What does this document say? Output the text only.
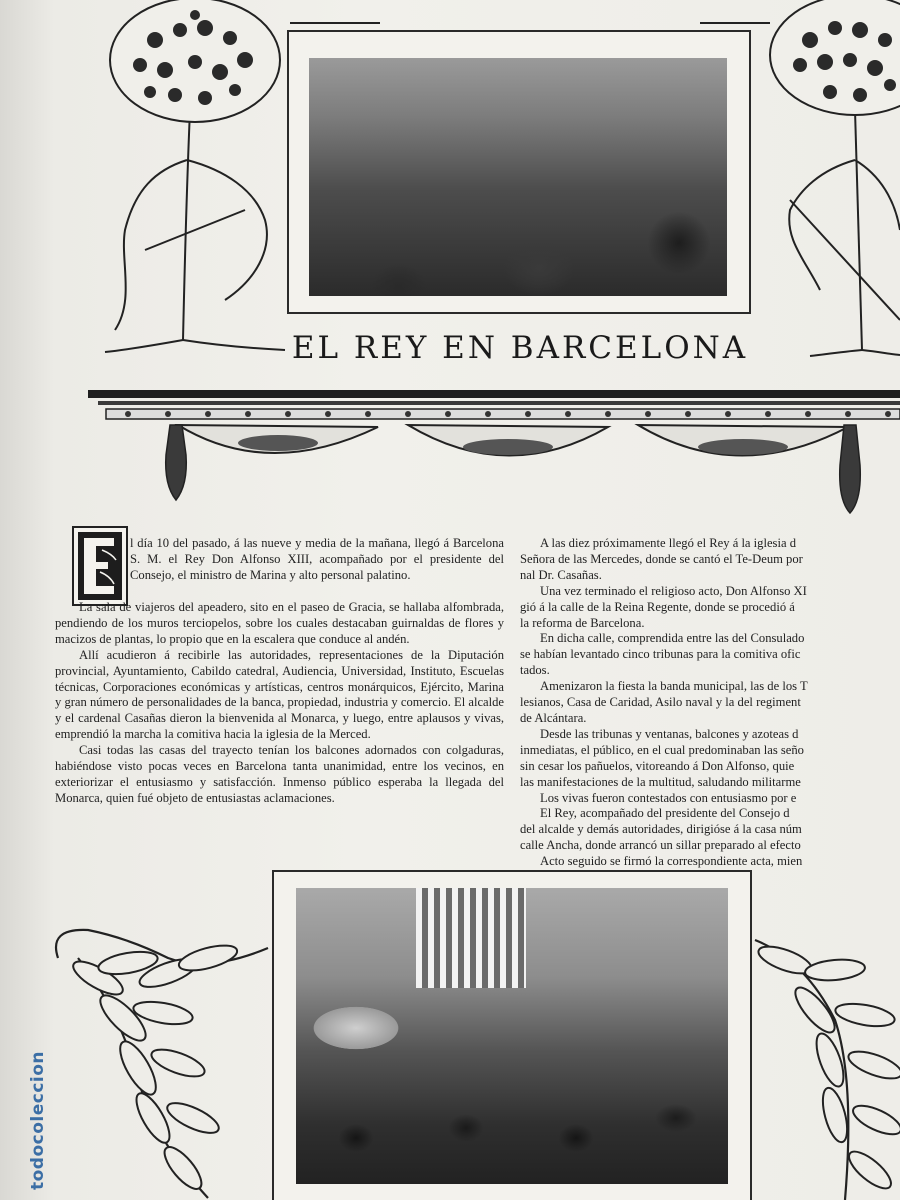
EL REY EN BARCELONA

l día 10 del pasado, á las nueve y media de la mañana, llegó á Barcelona S. M. el Rey Don Alfonso XIII, acompañado por el presidente del Consejo, el ministro de Marina y alto personal palatino.

La sala de viajeros del apeadero, sito en el paseo de Gracia, se hallaba alfombrada, pendiendo de los muros terciopelos, sobre los cuales destacaban guirnaldas de flores y macizos de plantas, lo propio que en la escalera que conduce al andén.

Allí acudieron á recibirle las autoridades, representaciones de la Diputación provincial, Ayuntamiento, Cabildo catedral, Audiencia, Universidad, Instituto, Escuelas técnicas, Corporaciones económicas y artísticas, centros monárquicos, Ejército, Marina y gran número de personalidades de la banca, propiedad, industria y comercio. El alcalde y el cardenal Casañas dieron la bienvenida al Monarca, y luego, entre aplausos y vivas, emprendió la marcha la comitiva hacia la iglesia de la Merced.

Casi todas las casas del trayecto tenían los balcones adornados con colgaduras, habiéndose visto pocas veces en Barcelona tanta unanimidad, entre los vecinos, en exteriorizar el entusiasmo y satisfacción. Inmenso público esperaba la llegada del Monarca, quien fué objeto de entusiastas aclamaciones.

A las diez próximamente llegó el Rey á la iglesia d
Señora de las Mercedes, donde se cantó el Te-Deum por
nal Dr. Casañas.
Una vez terminado el religioso acto, Don Alfonso XI
gió á la calle de la Reina Regente, donde se procedió á
la reforma de Barcelona.
En dicha calle, comprendida entre las del Consulado
se habían levantado cinco tribunas para la comitiva ofic
tados.
Amenizaron la fiesta la banda municipal, las de los T
lesianos, Casa de Caridad, Asilo naval y la del regiment
de Alcántara.
Desde las tribunas y ventanas, balcones y azoteas d
inmediatas, el público, en el cual predominaban las seño
sin cesar los pañuelos, vitoreando á Don Alfonso, quie
las manifestaciones de la multitud, saludando militarme
Los vivas fueron contestados con entusiasmo por e
El Rey, acompañado del presidente del Consejo d
del alcalde y demás autoridades, dirigióse á la casa núm
calle Ancha, donde arrancó un sillar preparado al efecto
Acto seguido se firmó la correspondiente acta, mien
todocoleccion
